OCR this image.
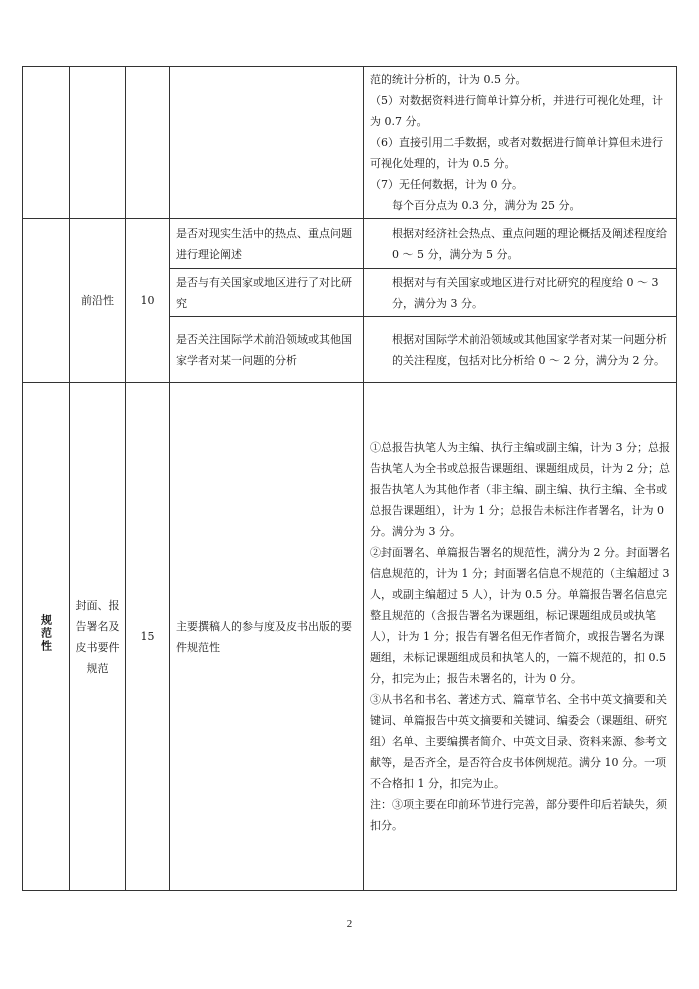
				范的统计分析的，计为 0.5 分。
（5）对数据资料进行简单计算分析，并进行可视化处理，计为 0.7 分。
（6）直接引用二手数据，或者对数据进行简单计算但未进行可视化处理的，计为 0.5 分。
（7）无任何数据，计为 0 分。
每个百分点为 0.3 分，满分为 25 分。

	前沿性	10	是否对现实生活中的热点、重点问题进行理论阐述	根据对经济社会热点、重点问题的理论概括及阐述程度给 0 ～ 5 分，满分为 5 分。

			是否与有关国家或地区进行了对比研究	根据对与有关国家或地区进行对比研究的程度给 0 ～ 3 分，满分为 3 分。

			是否关注国际学术前沿领域或其他国家学者对某一问题的分析	根据对国际学术前沿领域或其他国家学者对某一问题分析的关注程度，包括对比分析给 0 ～ 2 分，满分为 2 分。

规范性	封面、报告署名及皮书要件规范	15	主要撰稿人的参与度及皮书出版的要件规范性	①总报告执笔人为主编、执行主编或副主编，计为 3 分；总报告执笔人为全书或总报告课题组、课题组成员，计为 2 分；总报告执笔人为其他作者（非主编、副主编、执行主编、全书或总报告课题组），计为 1 分；总报告未标注作者署名，计为 0 分。满分为 3 分。
②封面署名、单篇报告署名的规范性，满分为 2 分。封面署名信息规范的，计为 1 分；封面署名信息不规范的（主编超过 3 人，或副主编超过 5 人），计为 0.5 分。单篇报告署名信息完整且规范的（含报告署名为课题组，标记课题组成员或执笔人），计为 1 分；报告有署名但无作者简介，或报告署名为课题组，未标记课题组成员和执笔人的，一篇不规范的，扣 0.5 分，扣完为止；报告未署名的，计为 0 分。
③从书名和书名、著述方式、篇章节名、全书中英文摘要和关键词、单篇报告中英文摘要和关键词、编委会（课题组、研究组）名单、主要编撰者简介、中英文目录、资料来源、参考文献等，是否齐全，是否符合皮书体例规范。满分 10 分。一项不合格扣 1 分，扣完为止。
注：③项主要在印前环节进行完善，部分要件印后若缺失，须扣分。
2
